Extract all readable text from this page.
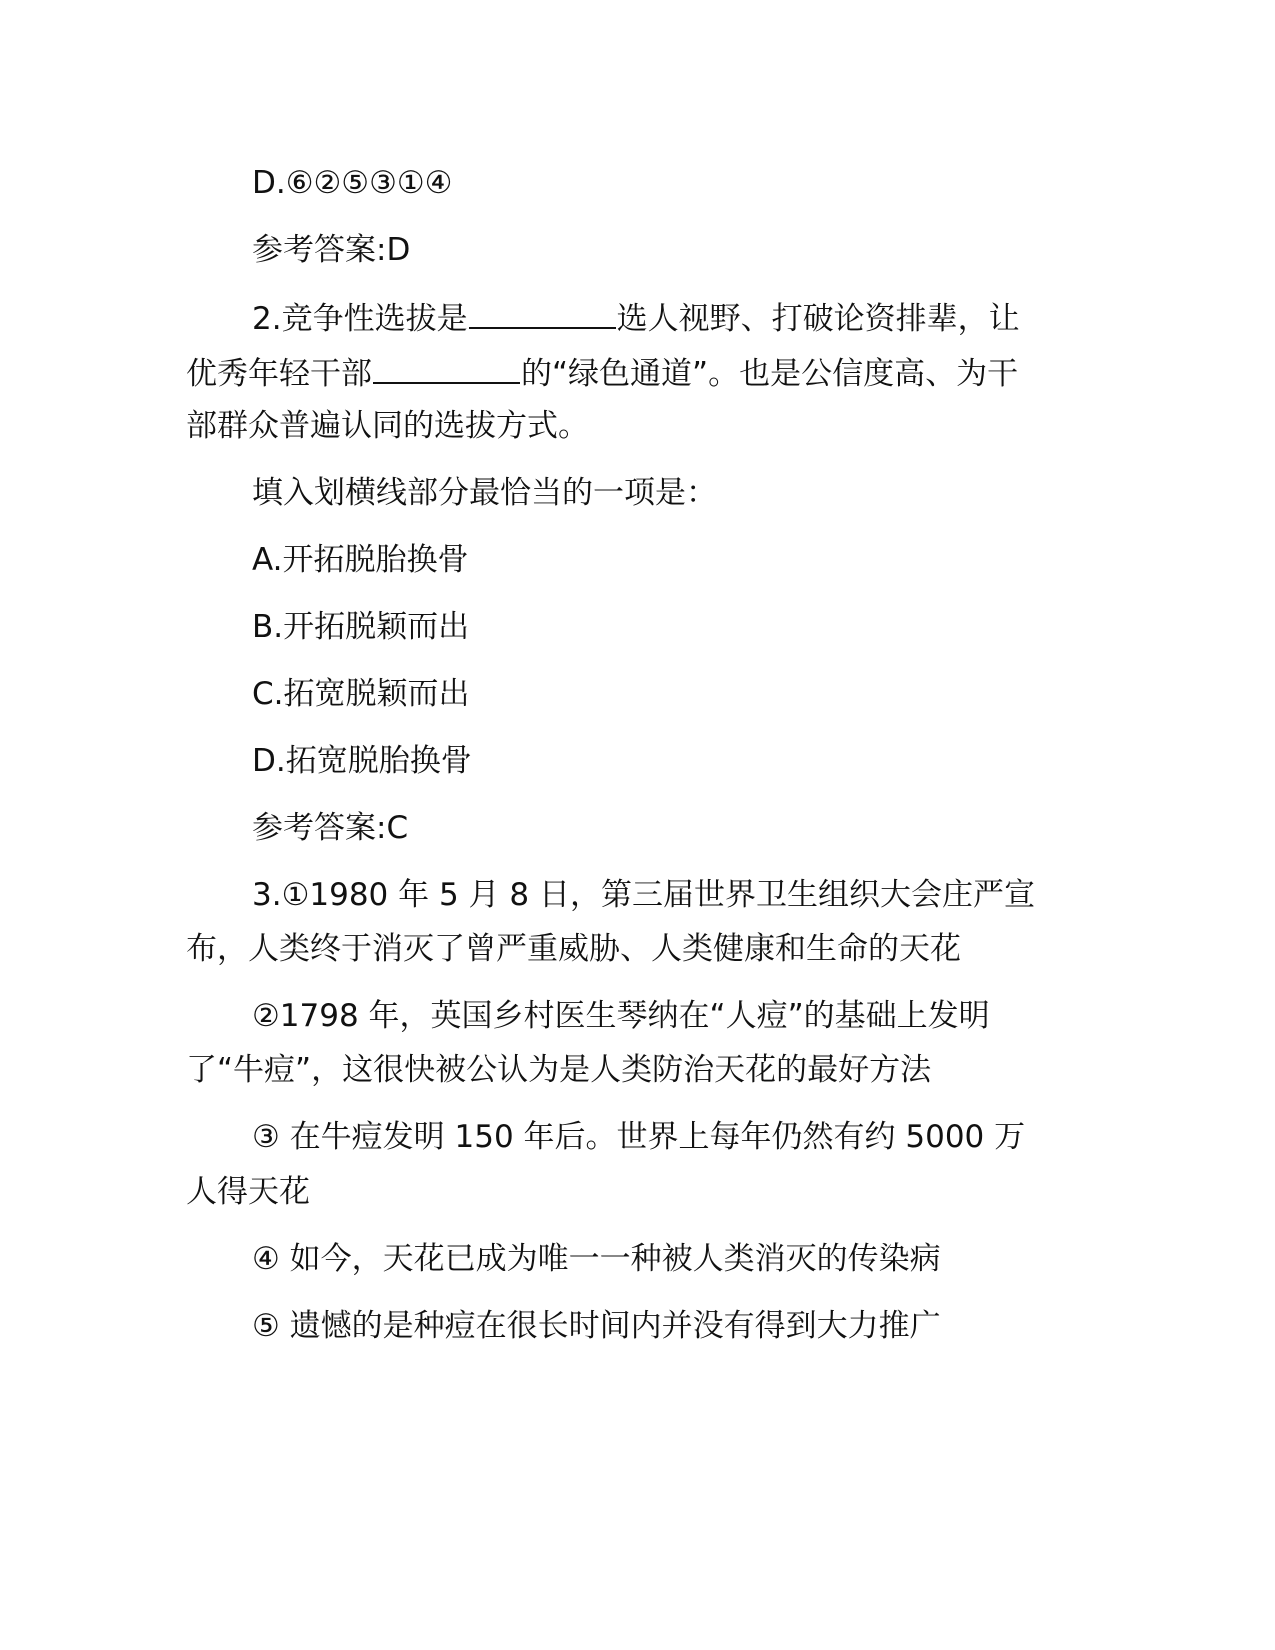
D.⑥②⑤③①④
参考答案:D
2.竞争性选拔是	选人视野、打破论资排辈，让
优秀年轻干部	的“绿色通道”。也是公信度高、为干
部群众普遍认同的选拔方式。
填入划横线部分最恰当的一项是：
A.开拓脱胎换骨
B.开拓脱颖而出
C.拓宽脱颖而出
D.拓宽脱胎换骨
参考答案:C
3.①1980 年 5 月 8 日，第三届世界卫生组织大会庄严宣
布，人类终于消灭了曾严重威胁、人类健康和生命的天花
②1798 年，英国乡村医生琴纳在“人痘”的基础上发明
了“牛痘”，这很快被公认为是人类防治天花的最好方法
③ 在牛痘发明 150 年后。世界上每年仍然有约 5000 万
人得天花
④ 如今，天花已成为唯一一种被人类消灭的传染病
⑤ 遗憾的是种痘在很长时间内并没有得到大力推广
